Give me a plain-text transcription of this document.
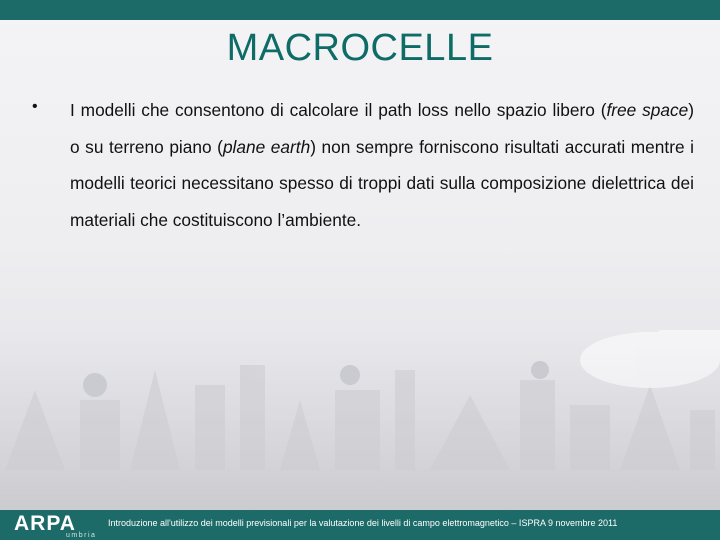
MACROCELLE
• I modelli che consentono di calcolare il path loss nello spazio libero (free space) o su terreno piano (plane earth) non sempre forniscono risultati accurati mentre i modelli teorici necessitano spesso di troppi dati sulla composizione dielettrica dei materiali che costituiscono l’ambiente.
ARPA
umbria
Introduzione all'utilizzo dei modelli previsionali per la valutazione dei livelli di campo elettromagnetico – ISPRA 9 novembre 2011
